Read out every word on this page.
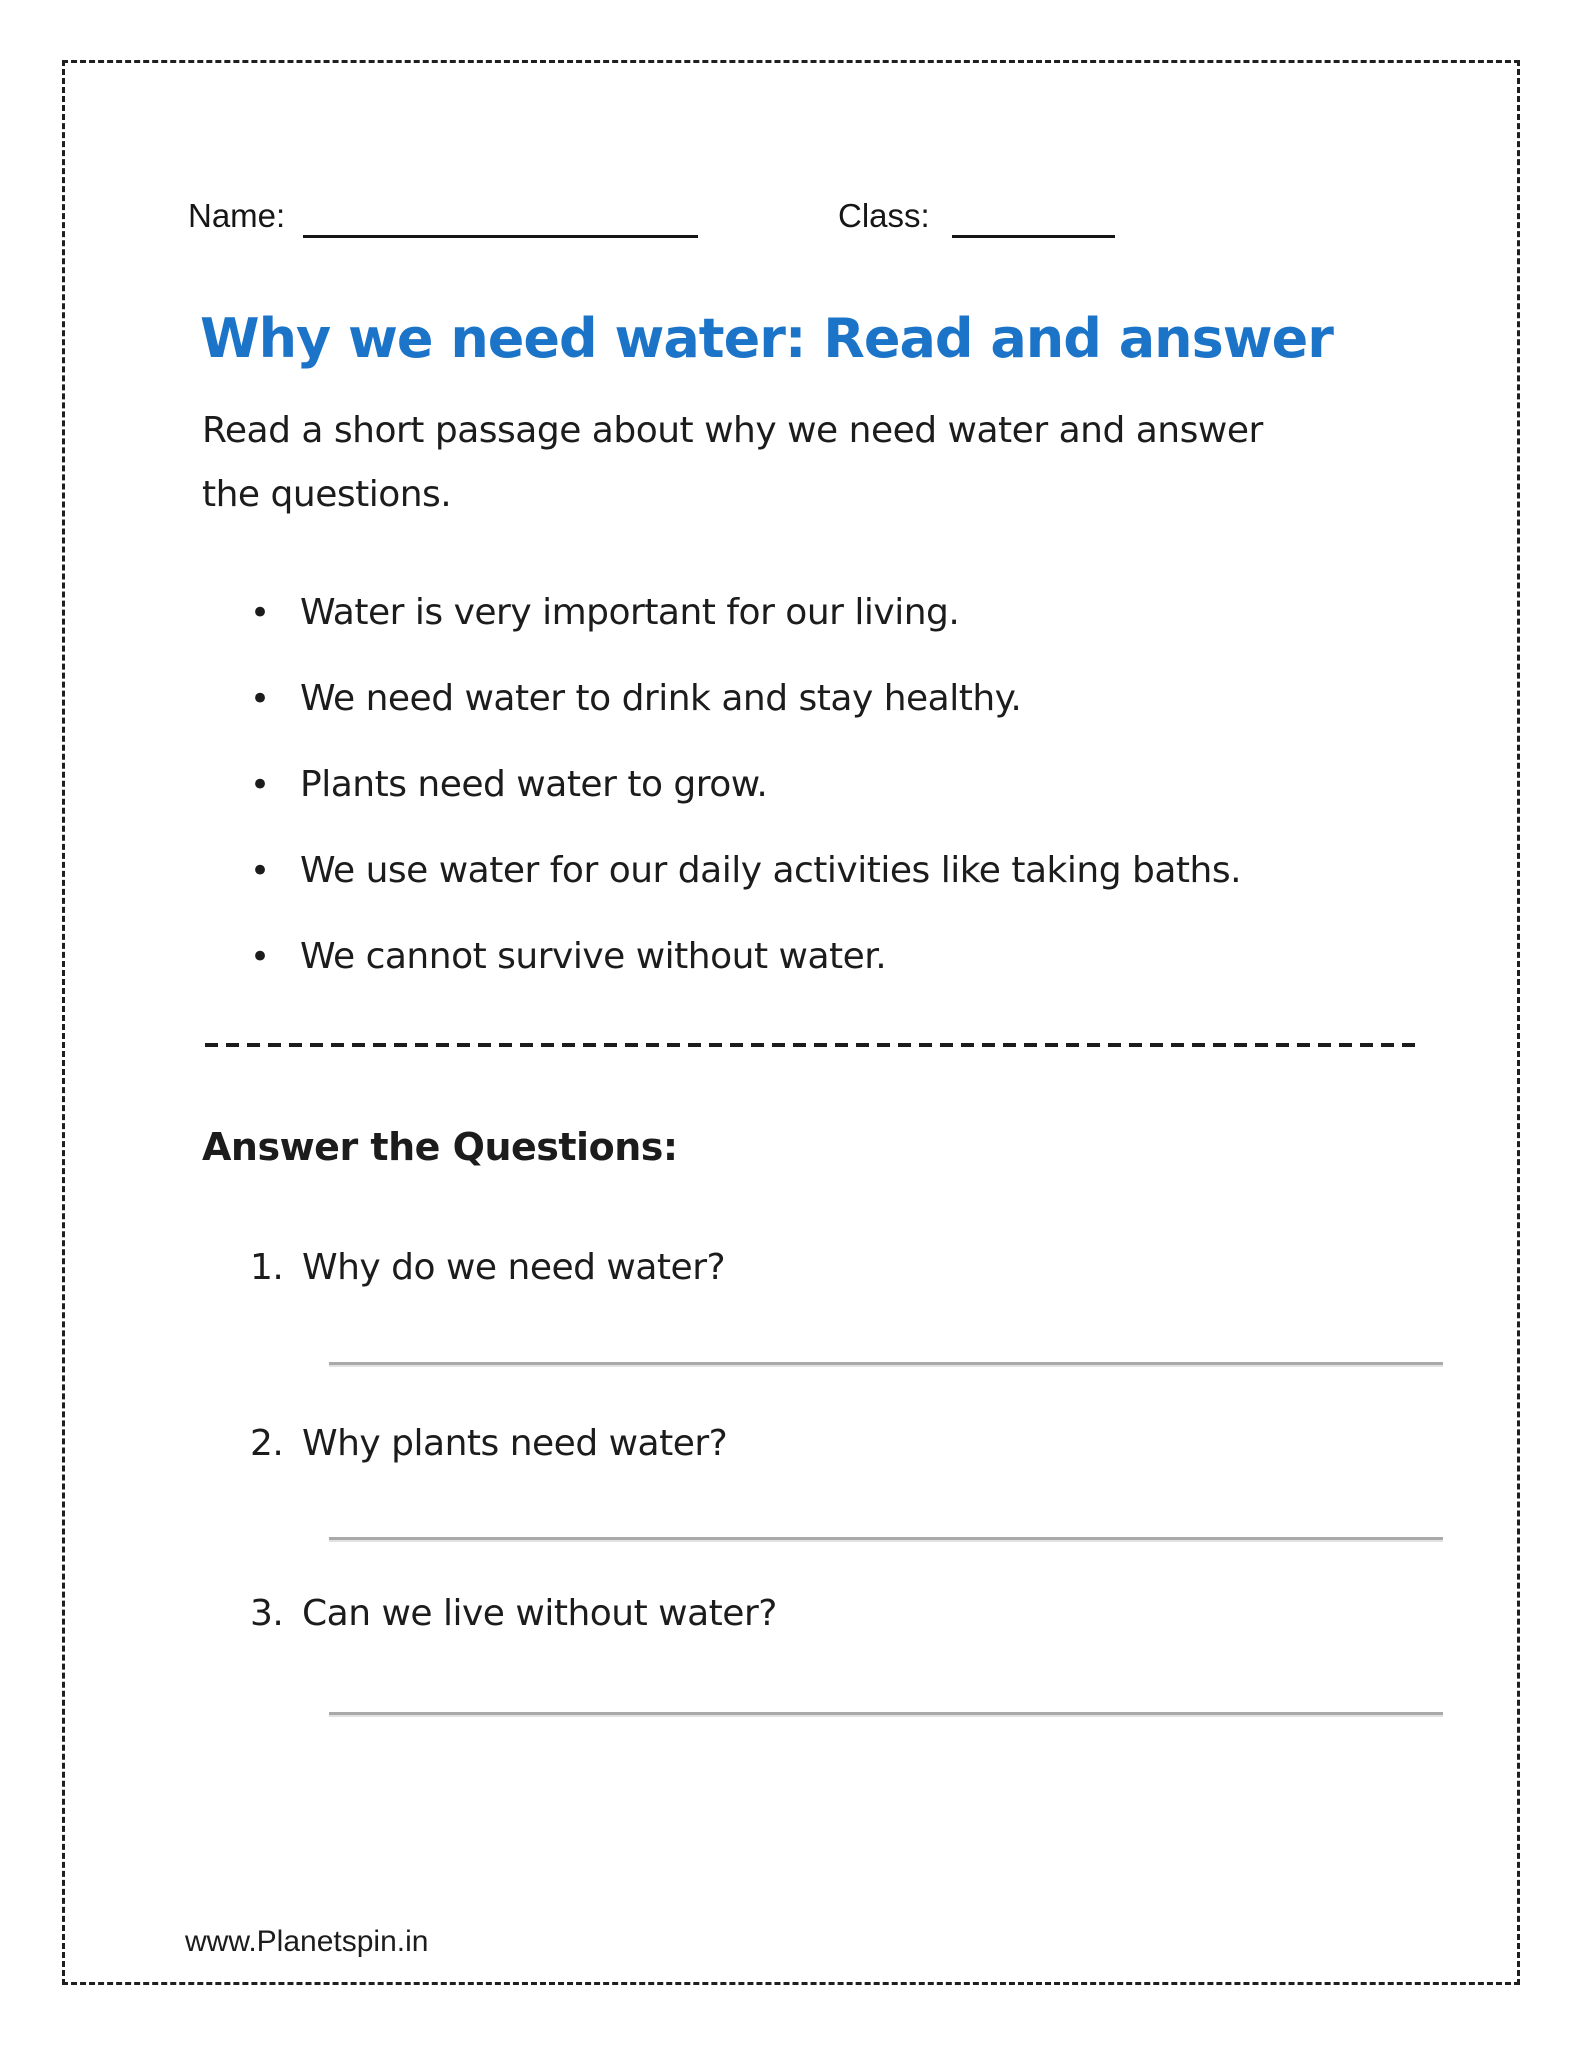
Name:	Class:
Why we need water: Read and answer
Read a short passage about why we need water and answer
the questions.
• Water is very important for our living.
• We need water to drink and stay healthy.
• Plants need water to grow.
• We use water for our daily activities like taking baths.
• We cannot survive without water.
Answer the Questions:
1. Why do we need water?
2. Why plants need water?
3. Can we live without water?
www.Planetspin.in
